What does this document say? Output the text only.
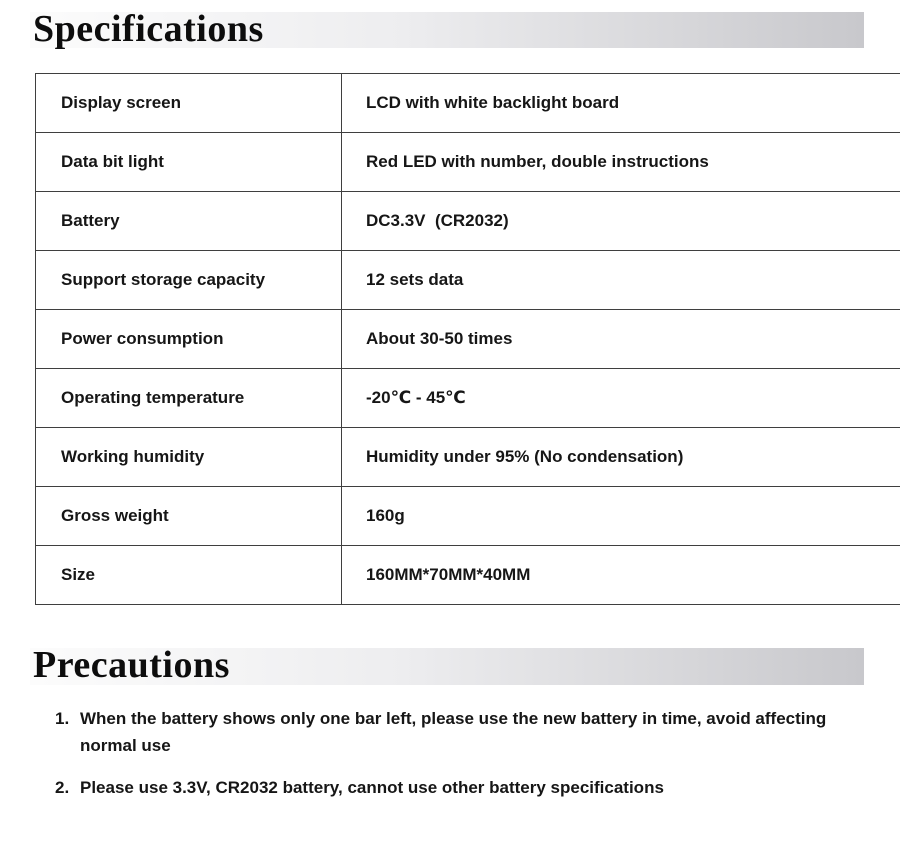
Specifications
Display screen	LCD with white backlight board
Data bit light	Red LED with number, double instructions
Battery	DC3.3V  (CR2032)
Support storage capacity	12 sets data
Power consumption	About 30-50 times
Operating temperature	-20℃ - 45℃
Working humidity	Humidity under 95% (No condensation)
Gross weight	160g
Size	160MM*70MM*40MM
Precautions
1. When the battery shows only one bar left, please use the new battery in time, avoid affecting normal use
2. Please use 3.3V, CR2032 battery, cannot use other battery specifications
